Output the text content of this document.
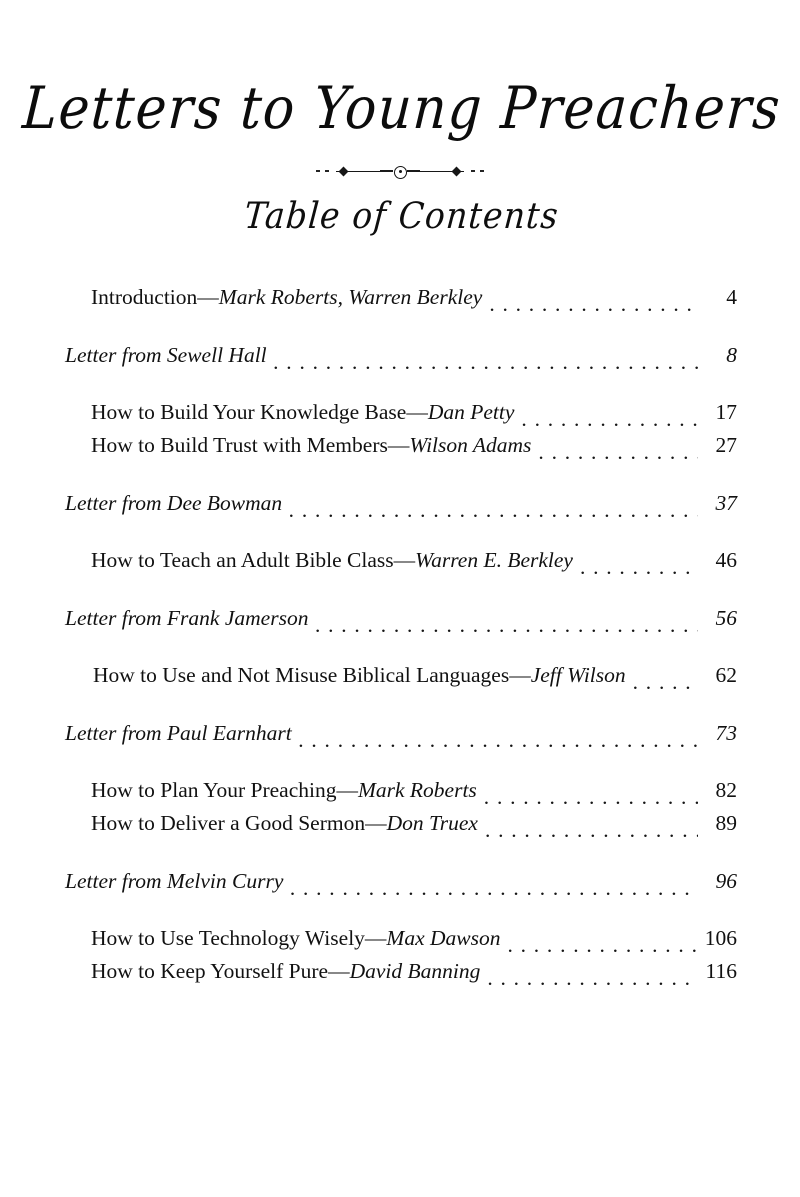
Letters to Young Preachers
Table of Contents
Introduction— Mark Roberts, Warren Berkley . . .	4
Letter from Sewell Hall . . .	8
How to Build Your Knowledge Base— Dan Petty . . .	17
How to Build Trust with Members— Wilson Adams . . .	27
Letter from Dee Bowman . . .	37
How to Teach an Adult Bible Class— Warren E. Berkley . . .	46
Letter from Frank Jamerson . . .	56
How to Use and Not Misuse Biblical Languages— Jeff Wilson . . .	62
Letter from Paul Earnhart . . .	73
How to Plan Your Preaching— Mark Roberts . . .	82
How to Deliver a Good Sermon— Don Truex . . .	89
Letter from Melvin Curry . . .	96
How to Use Technology Wisely— Max Dawson . . .	106
How to Keep Yourself Pure— David Banning . . .	116
